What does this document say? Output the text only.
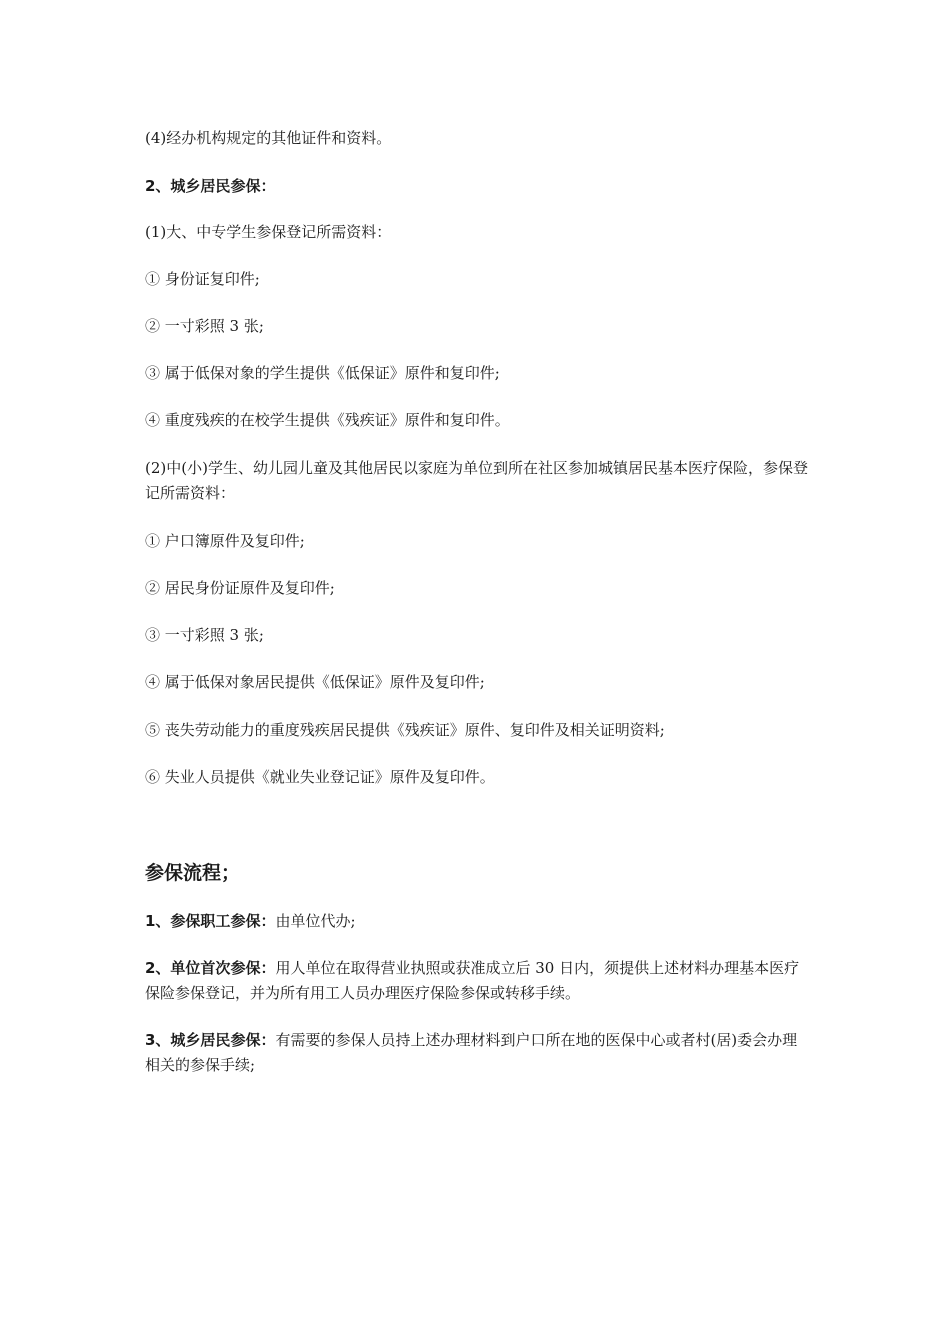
(4)经办机构规定的其他证件和资料。
2、城乡居民参保：
(1)大、中专学生参保登记所需资料：
① 身份证复印件;
② 一寸彩照 3 张;
③ 属于低保对象的学生提供《低保证》原件和复印件;
④ 重度残疾的在校学生提供《残疾证》原件和复印件。
(2)中(小)学生、幼儿园儿童及其他居民以家庭为单位到所在社区参加城镇居民基本医疗保险，参保登记所需资料：
① 户口簿原件及复印件;
② 居民身份证原件及复印件;
③ 一寸彩照 3 张;
④ 属于低保对象居民提供《低保证》原件及复印件;
⑤ 丧失劳动能力的重度残疾居民提供《残疾证》原件、复印件及相关证明资料;
⑥ 失业人员提供《就业失业登记证》原件及复印件。
参保流程；
1、参保职工参保：由单位代办;
2、单位首次参保：用人单位在取得营业执照或获准成立后 30 日内，须提供上述材料办理基本医疗保险参保登记，并为所有用工人员办理医疗保险参保或转移手续。
3、城乡居民参保：有需要的参保人员持上述办理材料到户口所在地的医保中心或者村(居)委会办理相关的参保手续;
